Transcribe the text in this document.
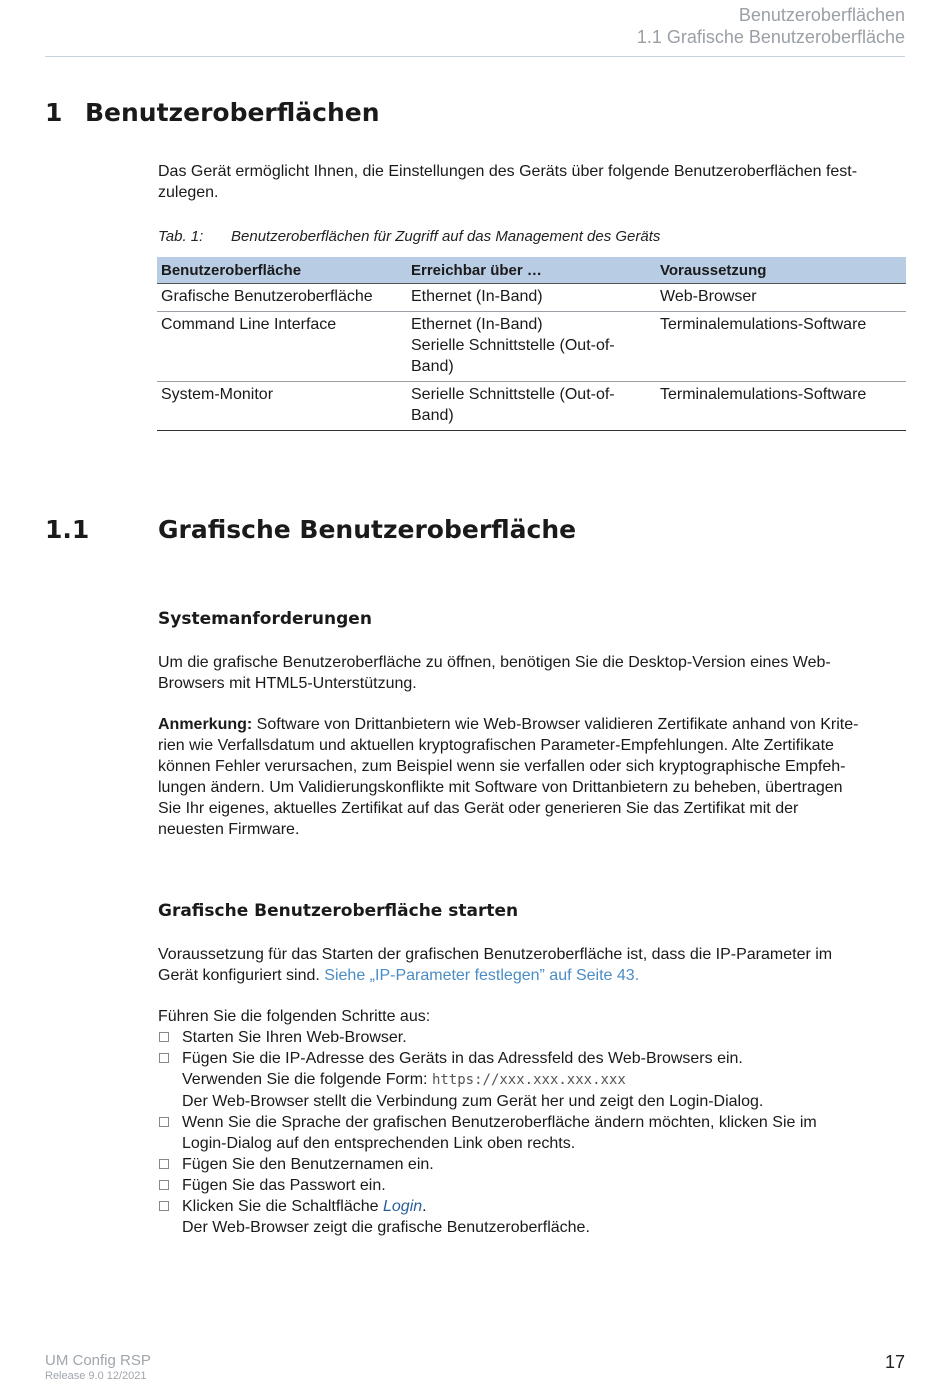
Benutzeroberflächen
1.1 Grafische Benutzeroberfläche
1 Benutzeroberflächen

Das Gerät ermöglicht Ihnen, die Einstellungen des Geräts über folgende Benutzeroberflächen fest-
zulegen.

Tab. 1: Benutzeroberflächen für Zugriff auf das Management des Geräts
Benutzeroberfläche	Erreichbar über …	Voraussetzung
Grafische Benutzeroberfläche	Ethernet (In-Band)	Web-Browser
Command Line Interface	Ethernet (In-Band)
Serielle Schnittstelle (Out-of-
Band)	Terminalemulations-Software
System-Monitor	Serielle Schnittstelle (Out-of-
Band)	Terminalemulations-Software
1.1	Grafische Benutzeroberfläche
Systemanforderungen

Um die grafische Benutzeroberfläche zu öffnen, benötigen Sie die Desktop-Version eines Web-
Browsers mit HTML5-Unterstützung.

Anmerkung: Software von Drittanbietern wie Web-Browser validieren Zertifikate anhand von Krite-
rien wie Verfallsdatum und aktuellen kryptografischen Parameter-Empfehlungen. Alte Zertifikate
können Fehler verursachen, zum Beispiel wenn sie verfallen oder sich kryptographische Empfeh-
lungen ändern. Um Validierungskonflikte mit Software von Drittanbietern zu beheben, übertragen
Sie Ihr eigenes, aktuelles Zertifikat auf das Gerät oder generieren Sie das Zertifikat mit der
neuesten Firmware.

Grafische Benutzeroberfläche starten

Voraussetzung für das Starten der grafischen Benutzeroberfläche ist, dass die IP-Parameter im
Gerät konfiguriert sind. Siehe „IP-Parameter festlegen” auf Seite 43.

Führen Sie die folgenden Schritte aus:

Starten Sie Ihren Web-Browser.
Fügen Sie die IP-Adresse des Geräts in das Adressfeld des Web-Browsers ein.
Verwenden Sie die folgende Form: https://xxx.xxx.xxx.xxx
Der Web-Browser stellt die Verbindung zum Gerät her und zeigt den Login-Dialog.
Wenn Sie die Sprache der grafischen Benutzeroberfläche ändern möchten, klicken Sie im
Login-Dialog auf den entsprechenden Link oben rechts.
Fügen Sie den Benutzernamen ein.
Fügen Sie das Passwort ein.
Klicken Sie die Schaltfläche Login.
Der Web-Browser zeigt die grafische Benutzeroberfläche.
UM Config RSP
Release 9.0 12/2021
17
